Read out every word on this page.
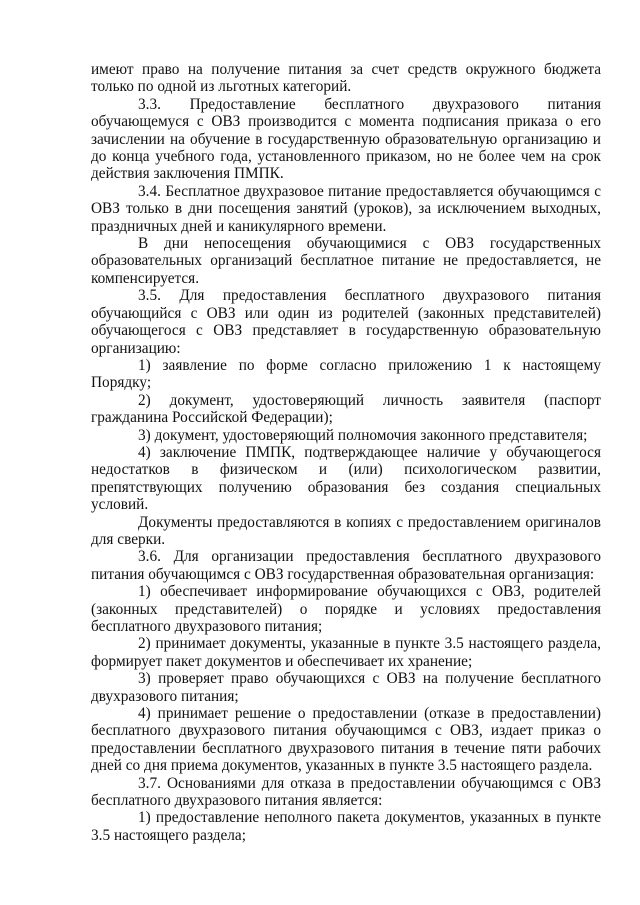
имеют право на получение питания за счет средств окружного бюджета только по одной из льготных категорий.

3.3. Предоставление бесплатного двухразового питания обучающемуся с ОВЗ производится с момента подписания приказа о его зачислении на обучение в государственную образовательную организацию и до конца учебного года, установленного приказом, но не более чем на срок действия заключения ПМПК.

3.4. Бесплатное двухразовое питание предоставляется обучающимся с ОВЗ только в дни посещения занятий (уроков), за исключением выходных, праздничных дней и каникулярного времени.

В дни непосещения обучающимися с ОВЗ государственных образовательных организаций бесплатное питание не предоставляется, не компенсируется.

3.5. Для предоставления бесплатного двухразового питания обучающийся с ОВЗ или один из родителей (законных представителей) обучающегося с ОВЗ представляет в государственную образовательную организацию:

1) заявление по форме согласно приложению 1 к настоящему Порядку;

2) документ, удостоверяющий личность заявителя (паспорт гражданина Российской Федерации);

3) документ, удостоверяющий полномочия законного представителя;

4) заключение ПМПК, подтверждающее наличие у обучающегося недостатков в физическом и (или) психологическом развитии, препятствующих получению образования без создания специальных условий.

Документы предоставляются в копиях с предоставлением оригиналов для сверки.

3.6. Для организации предоставления бесплатного двухразового питания обучающимся с ОВЗ государственная образовательная организация:

1) обеспечивает информирование обучающихся с ОВЗ, родителей (законных представителей) о порядке и условиях предоставления бесплатного двухразового питания;

2) принимает документы, указанные в пункте 3.5 настоящего раздела, формирует пакет документов и обеспечивает их хранение;

3) проверяет право обучающихся с ОВЗ на получение бесплатного двухразового питания;

4) принимает решение о предоставлении (отказе в предоставлении) бесплатного двухразового питания обучающимся с ОВЗ, издает приказ о предоставлении бесплатного двухразового питания в течение пяти рабочих дней со дня приема документов, указанных в пункте 3.5 настоящего раздела.

3.7. Основаниями для отказа в предоставлении обучающимся с ОВЗ бесплатного двухразового питания является:

1) предоставление неполного пакета документов, указанных в пункте 3.5 настоящего раздела;
